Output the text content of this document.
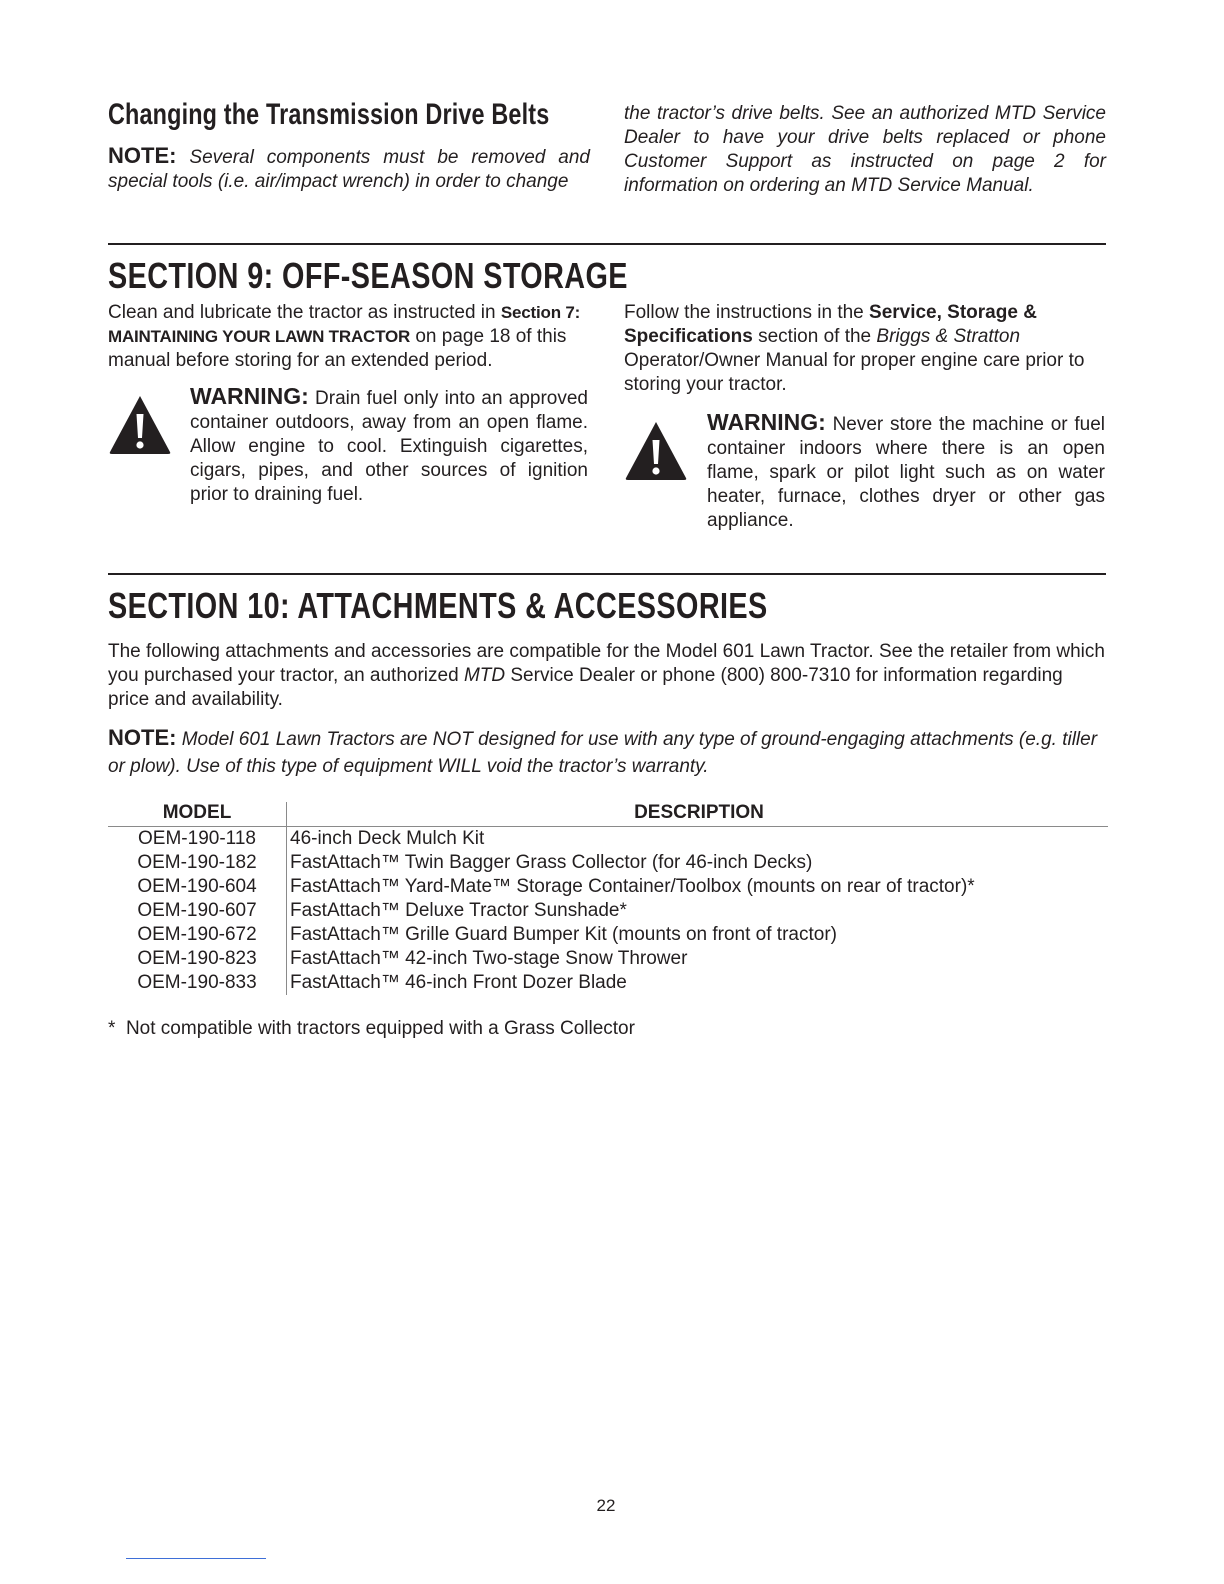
Changing the Transmission Drive Belts
NOTE: Several components must be removed and special tools (i.e. air/impact wrench) in order to change
the tractor’s drive belts. See an authorized MTD Service Dealer to have your drive belts replaced or phone Customer Support as instructed on page 2 for information on ordering an MTD Service Manual.
SECTION 9: OFF-SEASON STORAGE
Clean and lubricate the tractor as instructed in Section 7: MAINTAINING YOUR LAWN TRACTOR on page 18 of this manual before storing for an extended period.
WARNING: Drain fuel only into an approved container outdoors, away from an open flame. Allow engine to cool. Extinguish cigarettes, cigars, pipes, and other sources of ignition prior to draining fuel.
Follow the instructions in the Service, Storage & Specifications section of the Briggs & Stratton Operator/Owner Manual for proper engine care prior to storing your tractor.
WARNING: Never store the machine or fuel container indoors where there is an open flame, spark or pilot light such as on water heater, furnace, clothes dryer or other gas appliance.
SECTION 10: ATTACHMENTS & ACCESSORIES
The following attachments and accessories are compatible for the Model 601 Lawn Tractor. See the retailer from which you purchased your tractor, an authorized MTD Service Dealer or phone (800) 800-7310 for information regarding price and availability.
NOTE: Model 601 Lawn Tractors are NOT designed for use with any type of ground-engaging attachments (e.g. tiller or plow). Use of this type of equipment WILL void the tractor’s warranty.
MODEL	DESCRIPTION
OEM-190-118	46-inch Deck Mulch Kit
OEM-190-182	FastAttach™ Twin Bagger Grass Collector (for 46-inch Decks)
OEM-190-604	FastAttach™ Yard-Mate™ Storage Container/Toolbox (mounts on rear of tractor)*
OEM-190-607	FastAttach™ Deluxe Tractor Sunshade*
OEM-190-672	FastAttach™ Grille Guard Bumper Kit (mounts on front of tractor)
OEM-190-823	FastAttach™ 42-inch Two-stage Snow Thrower
OEM-190-833	FastAttach™ 46-inch Front Dozer Blade
*  Not compatible with tractors equipped with a Grass Collector
22
